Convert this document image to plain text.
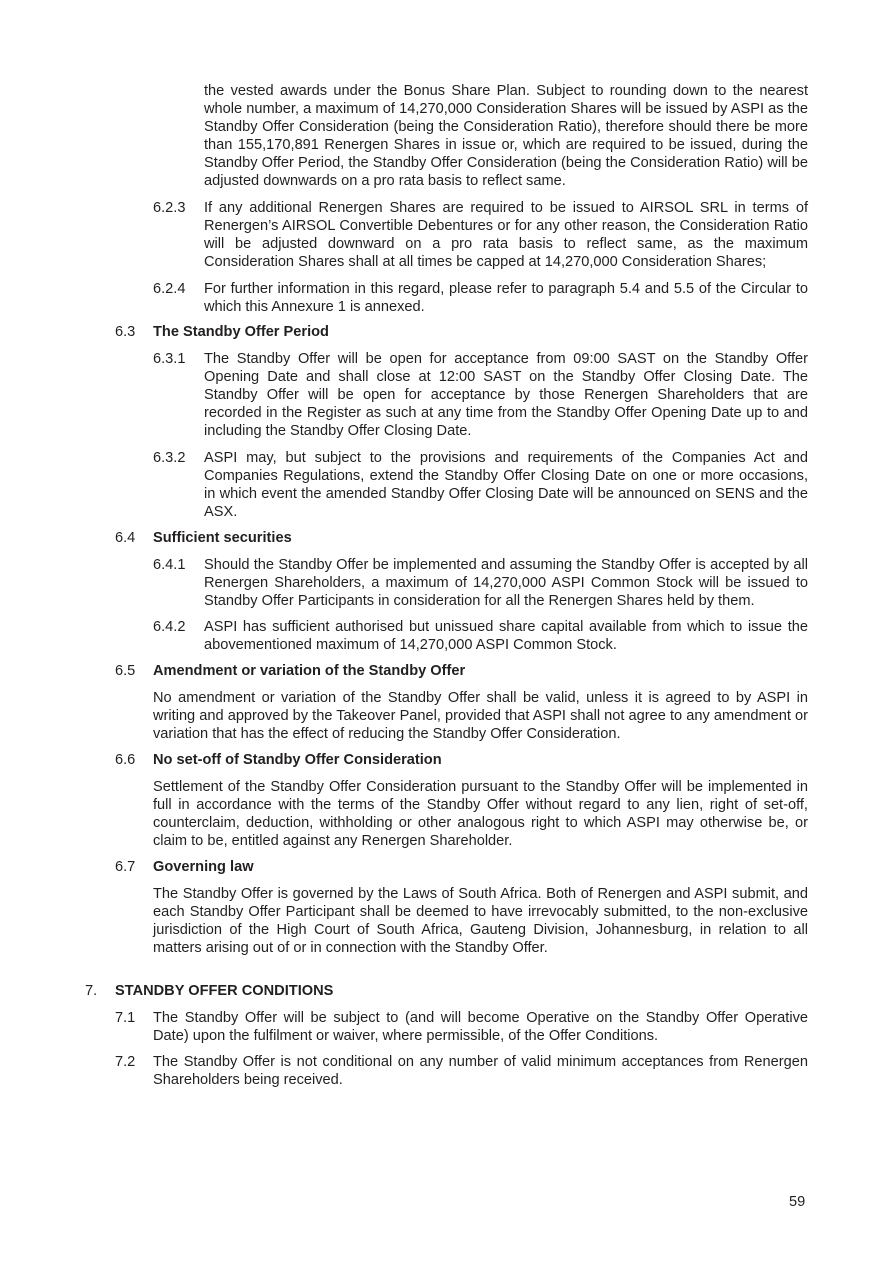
the vested awards under the Bonus Share Plan. Subject to rounding down to the nearest whole number, a maximum of 14,270,000 Consideration Shares will be issued by ASPI as the Standby Offer Consideration (being the Consideration Ratio), therefore should there be more than 155,170,891 Renergen Shares in issue or, which are required to be issued, during the Standby Offer Period, the Standby Offer Consideration (being the Consideration Ratio) will be adjusted downwards on a pro rata basis to reflect same.
6.2.3 If any additional Renergen Shares are required to be issued to AIRSOL SRL in terms of Renergen’s AIRSOL Convertible Debentures or for any other reason, the Consideration Ratio will be adjusted downward on a pro rata basis to reflect same, as the maximum Consideration Shares shall at all times be capped at 14,270,000 Consideration Shares;
6.2.4 For further information in this regard, please refer to paragraph 5.4 and 5.5 of the Circular to which this Annexure 1 is annexed.
6.3 The Standby Offer Period
6.3.1 The Standby Offer will be open for acceptance from 09:00 SAST on the Standby Offer Opening Date and shall close at 12:00 SAST on the Standby Offer Closing Date. The Standby Offer will be open for acceptance by those Renergen Shareholders that are recorded in the Register as such at any time from the Standby Offer Opening Date up to and including the Standby Offer Closing Date.
6.3.2 ASPI may, but subject to the provisions and requirements of the Companies Act and Companies Regulations, extend the Standby Offer Closing Date on one or more occasions, in which event the amended Standby Offer Closing Date will be announced on SENS and the ASX.
6.4 Sufficient securities
6.4.1 Should the Standby Offer be implemented and assuming the Standby Offer is accepted by all Renergen Shareholders, a maximum of 14,270,000 ASPI Common Stock will be issued to Standby Offer Participants in consideration for all the Renergen Shares held by them.
6.4.2 ASPI has sufficient authorised but unissued share capital available from which to issue the abovementioned maximum of 14,270,000 ASPI Common Stock.
6.5 Amendment or variation of the Standby Offer
No amendment or variation of the Standby Offer shall be valid, unless it is agreed to by ASPI in writing and approved by the Takeover Panel, provided that ASPI shall not agree to any amendment or variation that has the effect of reducing the Standby Offer Consideration.
6.6 No set-off of Standby Offer Consideration
Settlement of the Standby Offer Consideration pursuant to the Standby Offer will be implemented in full in accordance with the terms of the Standby Offer without regard to any lien, right of set-off, counterclaim, deduction, withholding or other analogous right to which ASPI may otherwise be, or claim to be, entitled against any Renergen Shareholder.
6.7 Governing law
The Standby Offer is governed by the Laws of South Africa. Both of Renergen and ASPI submit, and each Standby Offer Participant shall be deemed to have irrevocably submitted, to the non-exclusive jurisdiction of the High Court of South Africa, Gauteng Division, Johannesburg, in relation to all matters arising out of or in connection with the Standby Offer.
7. STANDBY OFFER CONDITIONS
7.1 The Standby Offer will be subject to (and will become Operative on the Standby Offer Operative Date) upon the fulfilment or waiver, where permissible, of the Offer Conditions.
7.2 The Standby Offer is not conditional on any number of valid minimum acceptances from Renergen Shareholders being received.
59
